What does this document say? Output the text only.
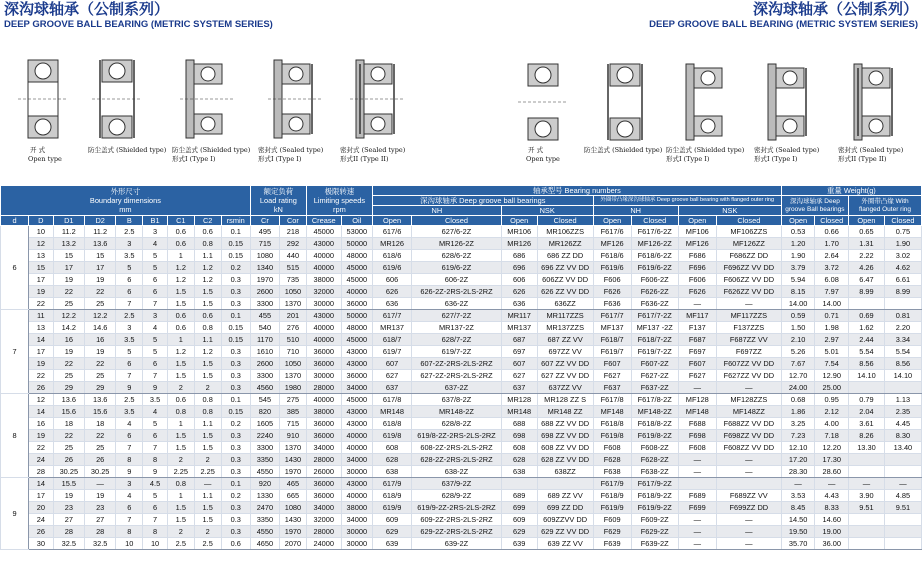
深沟球轴承（公制系列）
DEEP GROOVE BALL BEARING (METRIC SYSTEM SERIES)
深沟球轴承（公制系列）
DEEP GROOVE BALL BEARING (METRIC SYSTEM SERIES)
开 式
Open type
防尘盖式 (Shielded type) 防尘盖式 (Shielded type)
形式I (Type I)
密封式 (Sealed type)
形式I (Type I)
密封式 (Sealed type)
形式II (Type II)
开 式
Open type
防尘盖式 (Shielded type) 防尘盖式 (Shielded type)
形式I (Type I)
密封式 (Sealed type)
形式I (Type I)
密封式 (Sealed type)
形式II (Type II)
外形尺寸
Boundary dimensions
mm									额定负荷
Load rating
kN		极限转速
Limiting speeds
rpm		轴承型号 Bearing numbers								重量 Weight(g)			
													深沟球轴承 Deep groove ball bearings				外圈带凸缘深沟球轴承 Deep groove ball bearing with flanged outer ring				深沟球轴承 Deep groove Ball bearings		外圈带凸缘 With flanged Outer ring	
													NH		NSK		NH		NSK					
d	D	D1	D2	B	B1	C1	C2	rsmin	Cr	Cor	Crease	Oil	Open	Closed	Open	Closed	Open	Closed	Open	Closed	Open	Closed	Open	Closed
6	10	11.2	11.2	2.5	3	0.6	0.6	0.1	495	218	45000	53000	617/6	627/6-2Z	MR106	MR106ZZS	F617/6	F617/6-2Z	MF106	MF106ZZS	0.53	0.66	0.65	0.75
	12	13.2	13.6	3	4	0.6	0.8	0.15	715	292	43000	50000	MR126	MR126-2Z	MR126	MR126ZZ	MF126	MF126-2Z	MF126	MF126ZZ	1.20	1.70	1.31	1.90
	13	15	15	3.5	5	1	1.1	0.15	1080	440	40000	48000	618/6	628/6-2Z	686	686 ZZ DD	F618/6	F618/6-2Z	F686	F686ZZ DD	1.90	2.64	2.22	3.02
	15	17	17	5	5	1.2	1.2	0.2	1340	515	40000	45000	619/6	619/6-2Z	696	696 ZZ VV DD	F619/6	F619/6-2Z	F696	F696ZZ VV DD	3.79	3.72	4.26	4.62
	17	19	19	6	6	1.2	1.2	0.3	1970	735	38000	45000	606	606-2Z	606	606ZZ VV DD	F606	F606-2Z	F606	F606ZZ VV DD	5.94	6.08	6.47	6.61
	19	22	22	6	6	1.5	1.5	0.3	2600	1050	32000	40000	626	626-2Z-2RS-2LS-2RZ	626	626 ZZ VV DD	F626	F626-2Z	F626	F626ZZ VV DD	8.15	7.97	8.99	8.99
	22	25	25	7	7	1.5	1.5	0.3	3300	1370	30000	36000	636	636-2Z	636	636ZZ	F636	F636-2Z	—	—	14.00	14.00		
7	11	12.2	12.2	2.5	3	0.6	0.6	0.1	455	201	43000	50000	617/7	627/7-2Z	MR117	MR117ZZS	F617/7	F617/7-2Z	MF117	MF117ZZS	0.59	0.71	0.69	0.81
	13	14.2	14.6	3	4	0.6	0.8	0.15	540	276	40000	48000	MR137	MR137-2Z	MR137	MR137ZZS	MF137	MF137 -2Z	F137	F137ZZS	1.50	1.98	1.62	2.20
	14	16	16	3.5	5	1	1.1	0.15	1170	510	40000	45000	618/7	628/7-2Z	687	687 ZZ VV	F618/7	F618/7-2Z	F687	F687ZZ VV	2.10	2.97	2.44	3.34
	17	19	19	5	5	1.2	1.2	0.3	1610	710	36000	43000	619/7	619/7-2Z	697	697ZZ VV	F619/7	F619/7-2Z	F697	F697ZZ	5.26	5.01	5.54	5.54
	19	22	22	6	6	1.5	1.5	0.3	2600	1050	36000	43000	607	607-2Z-2RS-2LS-2RZ	607	607 ZZ VV DD	F607	F607-2Z	F607	F607ZZ VV DD	7.67	7.54	8.56	8.56
	22	25	25	7	7	1.5	1.5	0.3	3300	1370	30000	36000	627	627-2Z-2RS-2LS-2RZ	627	627 ZZ VV DD	F627	F627-2Z	F627	F627ZZ VV DD	12.70	12.90	14.10	14.10
	26	29	29	9	9	2	2	0.3	4560	1980	28000	34000	637	637-2Z	637	637ZZ VV	F637	F637-2Z	—	—	24.00	25.00		
8	12	13.6	13.6	2.5	3.5	0.6	0.8	0.1	545	275	40000	45000	617/8	637/8-2Z	MR128	MR128 ZZ S	F617/8	F617/8-2Z	MF128	MF128ZZS	0.68	0.95	0.79	1.13
	14	15.6	15.6	3.5	4	0.8	0.8	0.15	820	385	38000	43000	MR148	MR148-2Z	MR148	MR148 ZZ	MF148	MF148-2Z	MF148	MF148ZZ	1.86	2.12	2.04	2.35
	16	18	18	4	5	1	1.1	0.2	1605	715	36000	43000	618/8	628/8-2Z	688	688 ZZ VV DD	F618/8	F618/8-2Z	F688	F688ZZ VV DD	3.25	4.00	3.61	4.45
	19	22	22	6	6	1.5	1.5	0.3	2240	910	36000	40000	619/8	619/8-2Z-2RS-2LS-2RZ	698	698 ZZ VV DD	F619/8	F619/8-2Z	F698	F698ZZ VV DD	7.23	7.18	8.26	8.30
	22	25	25	7	7	1.5	1.5	0.3	3300	1370	34000	40000	608	608-2Z-2RS-2LS-2RZ	608	608 ZZ VV DD	F608	F608-2Z	F608	F608ZZ VV DD	12.10	12.20	13.30	13.40
	24	26	26	8	8	2	2	0.3	3350	1430	28000	34000	628	628-2Z-2RS-2LS-2RZ	628	628 ZZ VV DD	F628	F628-2Z	—	—	17.20	17.30		
	28	30.25	30.25	9	9	2.25	2.25	0.3	4550	1970	26000	30000	638	638-2Z	638	638ZZ	F638	F638-2Z	—	—	28.30	28.60		
9	14	15.5	—	3	4.5	0.8	—	0.1	920	465	36000	43000	617/9	637/9-2Z			F617/9	F617/9-2Z			—	—	—	—
	17	19	19	4	5	1	1.1	0.2	1330	665	36000	40000	618/9	628/9-2Z	689	689 ZZ VV	F618/9	F618/9-2Z	F689	F689ZZ VV	3.53	4.43	3.90	4.85
	20	23	23	6	6	1.5	1.5	0.3	2470	1080	34000	38000	619/9	619/9-2Z-2RS-2LS-2RZ	699	699 ZZ DD	F619/9	F619/9-2Z	F699	F699ZZ DD	8.45	8.33	9.51	9.51
	24	27	27	7	7	1.5	1.5	0.3	3350	1430	32000	34000	609	609-2Z-2RS-2LS-2RZ	609	609ZZVV DD	F609	F609-2Z	—	—	14.50	14.60		
	26	28	28	8	8	2	2	0.3	4550	1970	28000	30000	629	629-2Z-2RS-2LS-2RZ	629	629 ZZ VV DD	F629	F629-2Z	—	—	19.50	19.00		
	30	32.5	32.5	10	10	2.5	2.5	0.6	4650	2070	24000	30000	639	639-2Z	639	639 ZZ VV	F639	F639-2Z	—	—	35.70	36.00		
